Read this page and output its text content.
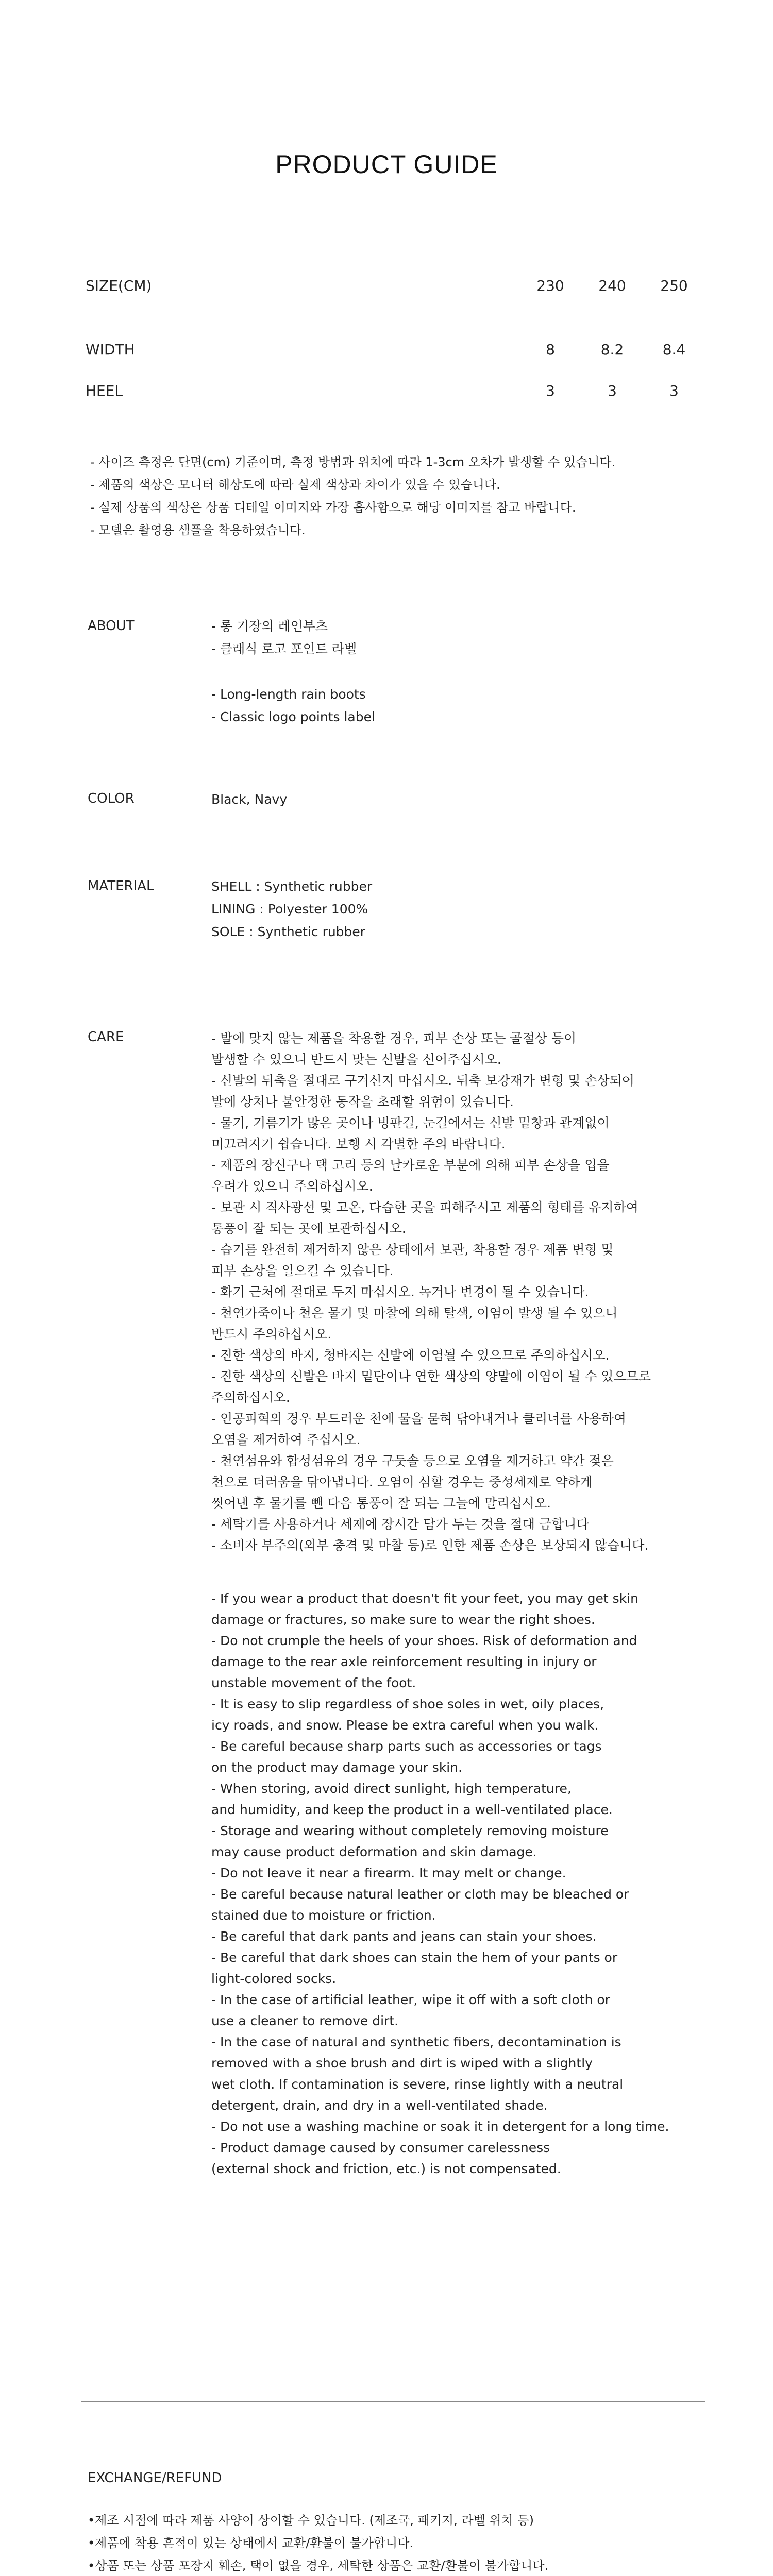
PRODUCT GUIDE
SIZE(CM)	230	240	250
WIDTH	8	8.2	8.4
HEEL	3	3	3
- 사이즈 측정은 단면(cm) 기준이며, 측정 방법과 위치에 따라 1-3cm 오차가 발생할 수 있습니다.
- 제품의 색상은 모니터 해상도에 따라 실제 색상과 차이가 있을 수 있습니다.
- 실제 상품의 색상은 상품 디테일 이미지와 가장 흡사함으로 해당 이미지를 참고 바랍니다.
- 모델은 촬영용 샘플을 착용하였습니다.
ABOUT	- 롱 기장의 레인부츠
- 클래식 로고 포인트 라벨
- Long-length rain boots
- Classic logo points label
COLOR	Black, Navy
MATERIAL	SHELL : Synthetic rubber
LINING : Polyester 100%
SOLE : Synthetic rubber
CARE	- 발에 맞지 않는 제품을 착용할 경우, 피부 손상 또는 골절상 등이
발생할 수 있으니 반드시 맞는 신발을 신어주십시오.
- 신발의 뒤축을 절대로 구겨신지 마십시오. 뒤축 보강재가 변형 및 손상되어
발에 상처나 불안정한 동작을 초래할 위험이 있습니다.
- 물기, 기름기가 많은 곳이나 빙판길, 눈길에서는 신발 밑창과 관계없이
미끄러지기 쉽습니다. 보행 시 각별한 주의 바랍니다.
- 제품의 장신구나 택 고리 등의 날카로운 부분에 의해 피부 손상을 입을
우려가 있으니 주의하십시오.
- 보관 시 직사광선 및 고온, 다습한 곳을 피해주시고 제품의 형태를 유지하여
통풍이 잘 되는 곳에 보관하십시오.
- 습기를 완전히 제거하지 않은 상태에서 보관, 착용할 경우 제품 변형 및
피부 손상을 일으킬 수 있습니다.
- 화기 근처에 절대로 두지 마십시오. 녹거나 변경이 될 수 있습니다.
- 천연가죽이나 천은 물기 및 마찰에 의해 탈색, 이염이 발생 될 수 있으니
반드시 주의하십시오.
- 진한 색상의 바지, 청바지는 신발에 이염될 수 있으므로 주의하십시오.
- 진한 색상의 신발은 바지 밑단이나 연한 색상의 양말에 이염이 될 수 있으므로
주의하십시오.
- 인공피혁의 경우 부드러운 천에 물을 묻혀 닦아내거나 클리너를 사용하여
오염을 제거하여 주십시오.
- 천연섬유와 합성섬유의 경우 구둣솔 등으로 오염을 제거하고 약간 젖은
천으로 더러움을 닦아냅니다. 오염이 심할 경우는 중성세제로 약하게
씻어낸 후 물기를 뺀 다음 통풍이 잘 되는 그늘에 말리십시오.
- 세탁기를 사용하거나 세제에 장시간 담가 두는 것을 절대 금합니다
- 소비자 부주의(외부 충격 및 마찰 등)로 인한 제품 손상은 보상되지 않습니다.
- If you wear a product that doesn't fit your feet, you may get skin
damage or fractures, so make sure to wear the right shoes.
- Do not crumple the heels of your shoes. Risk of deformation and
damage to the rear axle reinforcement resulting in injury or
unstable movement of the foot.
- It is easy to slip regardless of shoe soles in wet, oily places,
icy roads, and snow. Please be extra careful when you walk.
- Be careful because sharp parts such as accessories or tags
on the product may damage your skin.
- When storing, avoid direct sunlight, high temperature,
and humidity, and keep the product in a well-ventilated place.
- Storage and wearing without completely removing moisture
may cause product deformation and skin damage.
- Do not leave it near a firearm. It may melt or change.
- Be careful because natural leather or cloth may be bleached or
stained due to moisture or friction.
- Be careful that dark pants and jeans can stain your shoes.
- Be careful that dark shoes can stain the hem of your pants or
light-colored socks.
- In the case of artificial leather, wipe it off with a soft cloth or
use a cleaner to remove dirt.
- In the case of natural and synthetic fibers, decontamination is
removed with a shoe brush and dirt is wiped with a slightly
wet cloth. If contamination is severe, rinse lightly with a neutral
detergent, drain, and dry in a well-ventilated shade.
- Do not use a washing machine or soak it in detergent for a long time.
- Product damage caused by consumer carelessness
(external shock and friction, etc.) is not compensated.
EXCHANGE/REFUND
•제조 시점에 따라 제품 사양이 상이할 수 있습니다. (제조국, 패키지, 라벨 위치 등)
•제품에 착용 흔적이 있는 상태에서 교환/환불이 불가합니다.
•상품 또는 상품 포장지 훼손, 택이 없을 경우, 세탁한 상품은 교환/환불이 불가합니다.
